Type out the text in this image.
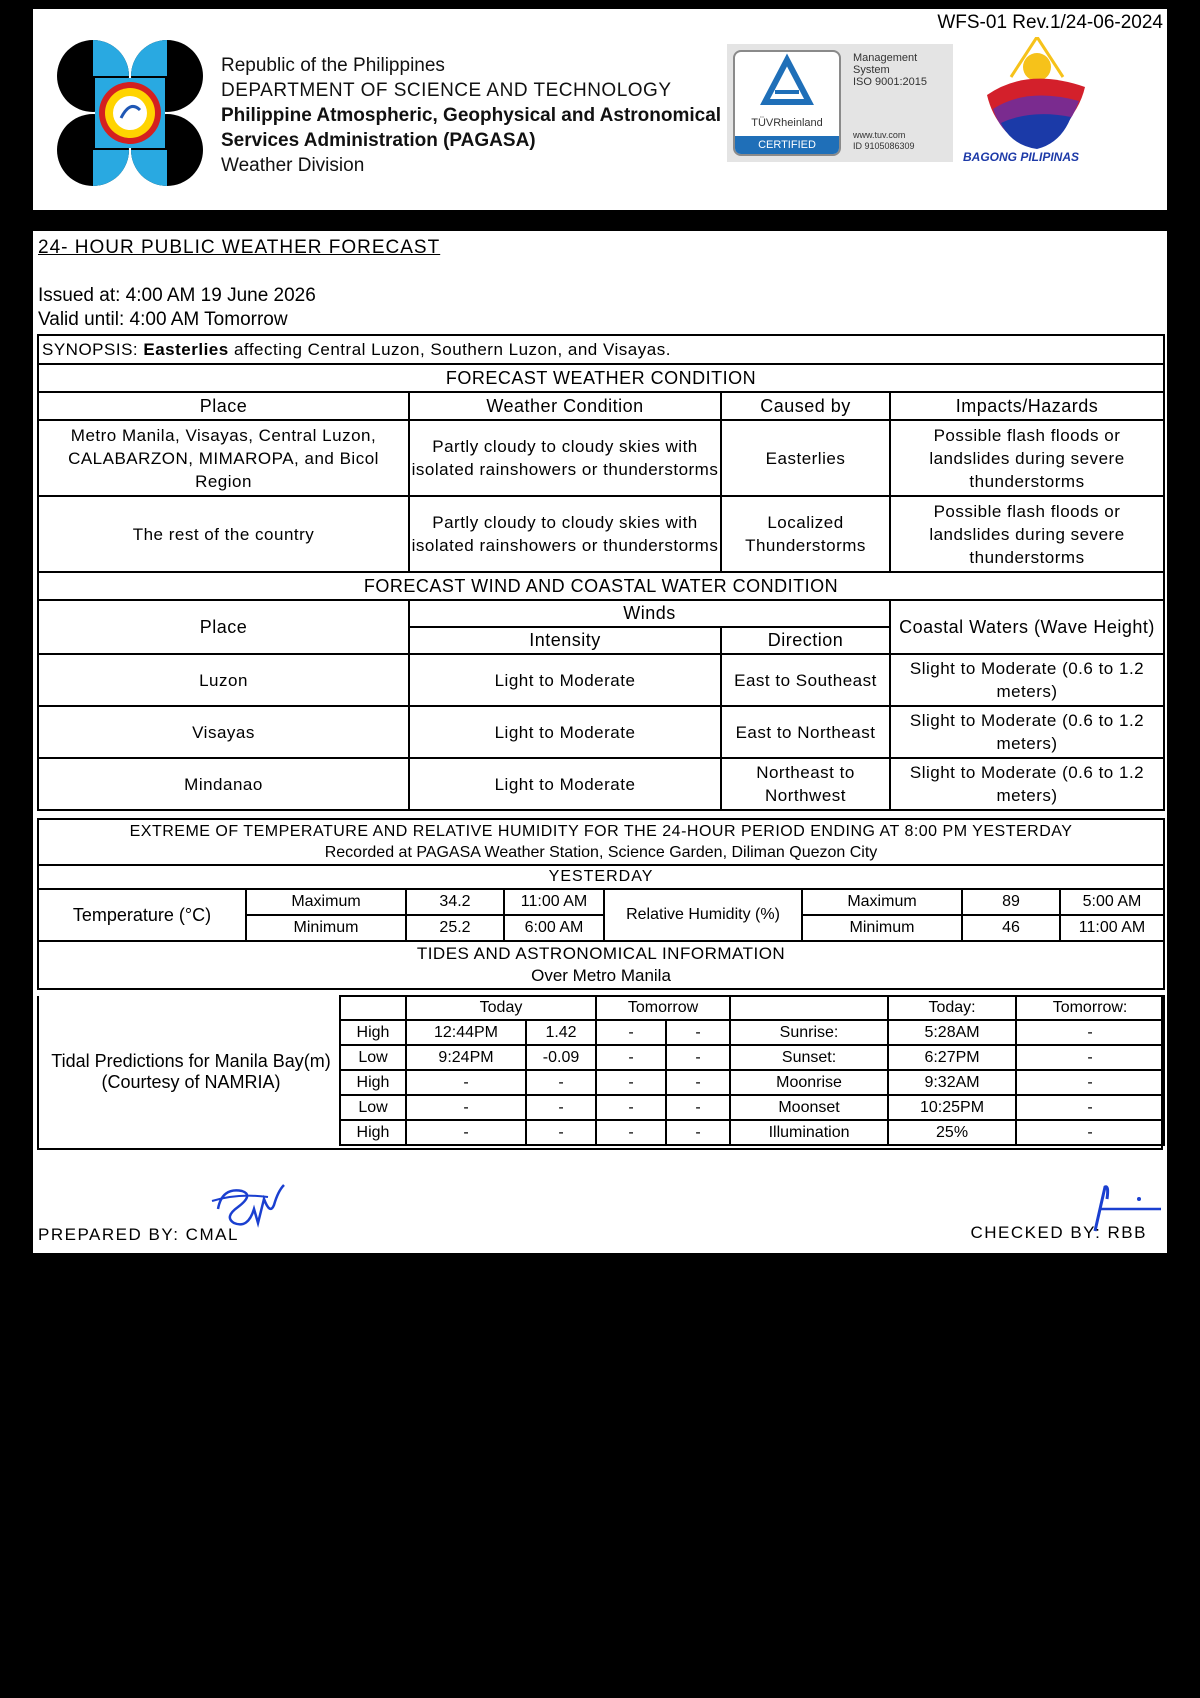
WFS-01 Rev.1/24-06-2024
Republic of the Philippines
DEPARTMENT OF SCIENCE AND TECHNOLOGY
Philippine Atmospheric, Geophysical and Astronomical
Services Administration (PAGASA)
Weather Division
TÜVRheinland
CERTIFIED
Management
System
ISO 9001:2015
www.tuv.com
ID 9105086309
BAGONG PILIPINAS
24- HOUR PUBLIC WEATHER FORECAST
Issued at: 4:00 AM 19 June 2026
Valid until: 4:00 AM Tomorrow
SYNOPSIS: Easterlies affecting Central Luzon, Southern Luzon, and Visayas.			
FORECAST WEATHER CONDITION			
Place	Weather Condition	Caused by	Impacts/Hazards
Metro Manila, Visayas, Central Luzon, CALABARZON, MIMAROPA, and Bicol Region	Partly cloudy to cloudy skies with isolated rainshowers or thunderstorms	Easterlies	Possible flash floods or landslides during severe thunderstorms
The rest of the country	Partly cloudy to cloudy skies with isolated rainshowers or thunderstorms	Localized Thunderstorms	Possible flash floods or landslides during severe thunderstorms
FORECAST WIND AND COASTAL WATER CONDITION			
Place	Winds		Coastal Waters (Wave Height)
	Intensity	Direction	
Luzon	Light to Moderate	East to Southeast	Slight to Moderate (0.6 to 1.2 meters)
Visayas	Light to Moderate	East to Northeast	Slight to Moderate (0.6 to 1.2 meters)
Mindanao	Light to Moderate	Northeast to Northwest	Slight to Moderate (0.6 to 1.2 meters)
EXTREME OF TEMPERATURE AND RELATIVE HUMIDITY FOR THE 24-HOUR PERIOD ENDING AT 8:00 PM YESTERDAY
Recorded at PAGASA Weather Station, Science Garden, Diliman Quezon City							

YESTERDAY							
Temperature (°C)	Maximum	34.2	11:00 AM	Relative Humidity (%)	Maximum	89	5:00 AM
	Minimum	25.2	6:00 AM		Minimum	46	11:00 AM

TIDES AND ASTRONOMICAL INFORMATION
Over Metro Manila							
Tidal Predictions for Manila Bay(m) (Courtesy of NAMRIA)
	Today		Tomorrow			Today:	Tomorrow:
High	12:44PM	1.42	-	-	Sunrise:	5:28AM	-
Low	9:24PM	-0.09	-	-	Sunset:	6:27PM	-
High	-	-	-	-	Moonrise	9:32AM	-
Low	-	-	-	-	Moonset	10:25PM	-
High	-	-	-	-	Illumination	25%	-
PREPARED BY: CMAL	CHECKED BY: RBB
